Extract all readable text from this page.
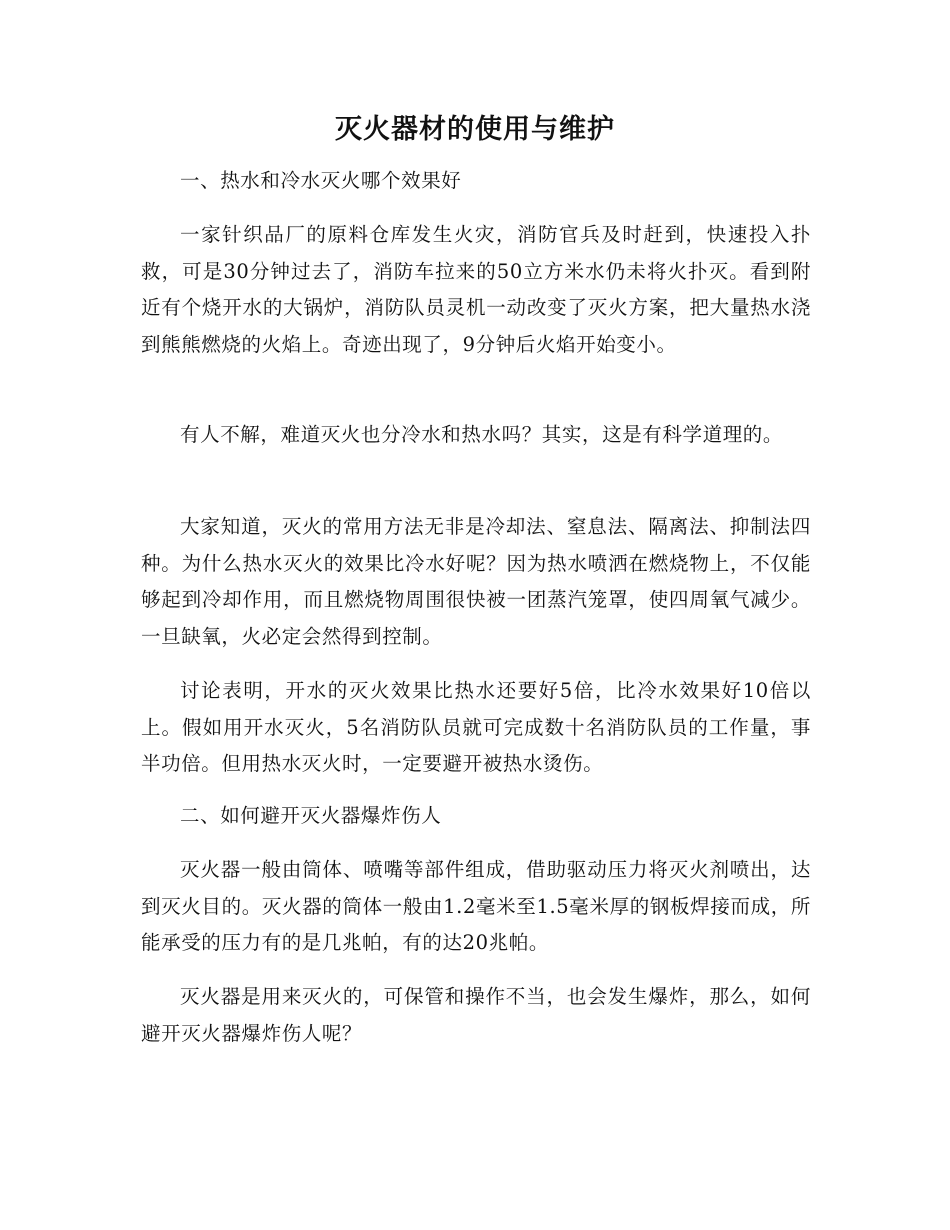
灭火器材的使用与维护

一、热水和冷水灭火哪个效果好

一家针织品厂的原料仓库发生火灾，消防官兵及时赶到，快速投入扑救，可是30分钟过去了，消防车拉来的50立方米水仍未将火扑灭。看到附近有个烧开水的大锅炉，消防队员灵机一动改变了灭火方案，把大量热水浇到熊熊燃烧的火焰上。奇迹出现了，9分钟后火焰开始变小。

有人不解，难道灭火也分冷水和热水吗？其实，这是有科学道理的。

大家知道，灭火的常用方法无非是冷却法、窒息法、隔离法、抑制法四种。为什么热水灭火的效果比冷水好呢？因为热水喷洒在燃烧物上，不仅能够起到冷却作用，而且燃烧物周围很快被一团蒸汽笼罩，使四周氧气减少。一旦缺氧，火必定会然得到控制。

讨论表明，开水的灭火效果比热水还要好5倍，比冷水效果好10倍以上。假如用开水灭火，5名消防队员就可完成数十名消防队员的工作量，事半功倍。但用热水灭火时，一定要避开被热水烫伤。

二、如何避开灭火器爆炸伤人

灭火器一般由筒体、喷嘴等部件组成，借助驱动压力将灭火剂喷出，达到灭火目的。灭火器的筒体一般由1.2毫米至1.5毫米厚的钢板焊接而成，所能承受的压力有的是几兆帕，有的达20兆帕。

灭火器是用来灭火的，可保管和操作不当，也会发生爆炸，那么，如何避开灭火器爆炸伤人呢？
